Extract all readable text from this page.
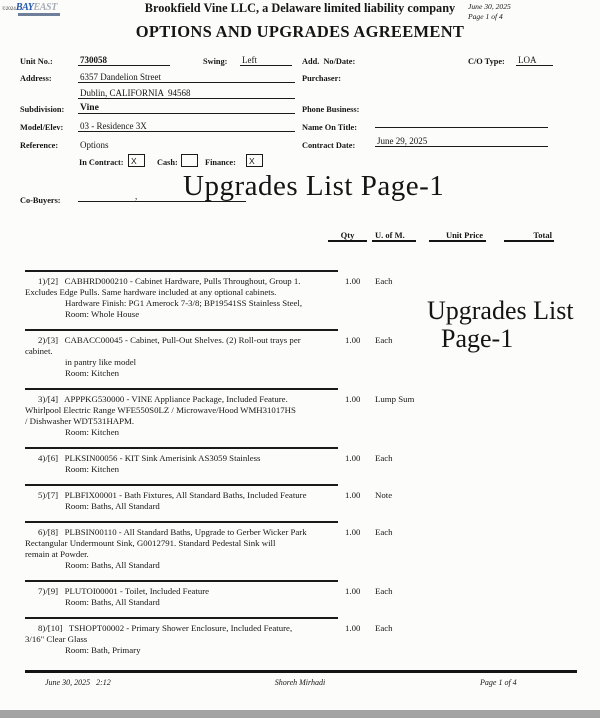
©2024 BAY EAST	Brookfield Vine LLC, a Delaware limited liability company	June 30, 2025
Page 1 of 4
OPTIONS AND UPGRADES AGREEMENT
Unit No.:	730058	Swing: Left
Address:	6357 Dandelion Street
Dublin, CALIFORNIA  94568
Subdivision: Vine
Model/Elev: 03 - Residence 3X
Reference: Options
In Contract: X	Cash:	Finance:	X
Co-Buyers:	,
Add.  No/Date:	C/O Type: LOA
Purchaser:
Phone Business:
Name On Title:
Contract Date: June 29, 2025
Upgrades List Page-1
Upgrades List
Page-1
Qty	U. of M.	Unit Price	Total
1)/[2]   CABHRD000210 - Cabinet Hardware, Pulls Throughout, Group 1.
Excludes Edge Pulls. Same hardware included at any optional cabinets.
Hardware Finish: PG1 Amerock 7-3/8; BP19541SS Stainless Steel,
Room: Whole House
1.00 Each
2)/[3]   CABACC00045 - Cabinet, Pull-Out Shelves. (2) Roll-out trays per
cabinet.
in pantry like model
Room: Kitchen
1.00 Each
3)/[4]   APPPKG530000 - VINE Appliance Package, Included Feature.
Whirlpool Electric Range WFE550S0LZ / Microwave/Hood WMH31017HS
/ Dishwasher WDT531HAPM.
Room: Kitchen
1.00 Lump Sum
4)/[6]   PLKSIN00056 - KIT Sink Amerisink AS3059 Stainless
Room: Kitchen
1.00 Each
5)/[7]   PLBFIX00001 - Bath Fixtures, All Standard Baths, Included Feature
Room: Baths, All Standard
1.00 Note
6)/[8]   PLBSIN00110 - All Standard Baths, Upgrade to Gerber Wicker Park
Rectangular Undermount Sink, G0012791. Standard Pedestal Sink will
remain at Powder.
Room: Baths, All Standard
1.00 Each
7)/[9]   PLUTOI00001 - Toilet, Included Feature
Room: Baths, All Standard
1.00 Each
8)/[10]   TSHOPT00002 - Primary Shower Enclosure, Included Feature,
3/16" Clear Glass
Room: Bath, Primary
1.00 Each
June 30, 2025   2:12	Shoreh Mirhadi	Page 1 of 4
